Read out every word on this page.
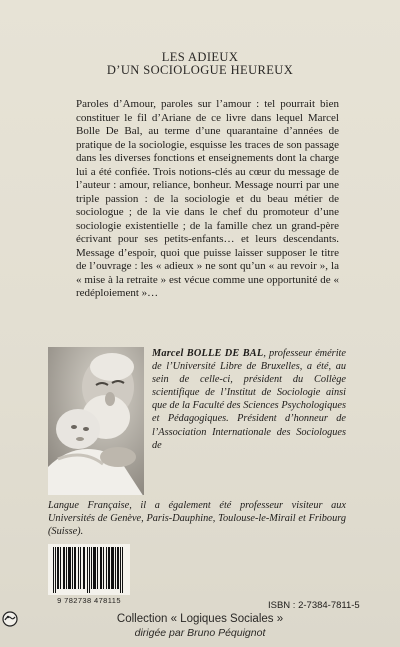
LES ADIEUX
D’UN SOCIOLOGUE HEUREUX

Paroles d’Amour, paroles sur l’amour : tel pourrait bien constituer le fil d’Ariane de ce livre dans lequel Marcel Bolle De Bal, au terme d’une quarantaine d’années de pratique de la sociologie, esquisse les traces de son passage dans les diverses fonctions et enseignements dont la charge lui a été confiée. Trois notions-clés au cœur du message de l’auteur : amour, reliance, bonheur. Message nourri par une triple passion : de la sociologie et du beau métier de sociologue ; de la vie dans le chef du promoteur d’une sociologie existentielle ; de la famille chez un grand-père écrivant pour ses petits-enfants… et leurs descendants. Message d’espoir, quoi que puisse laisser supposer le titre de l’ouvrage : les « adieux » ne sont qu’un « au revoir », la « mise à la retraite » est vécue comme une opportunité de « redéploiement »…

Marcel BOLLE DE BAL, professeur émérite de l’Université Libre de Bruxelles, a été, au sein de celle-ci, président du Collège scientifique de l’Institut de Sociologie ainsi que de la Faculté des Sciences Psychologiques et Pédagogiques. Président d’honneur de l’Association Internationale des Sociologues de
Langue Française, il a également été professeur visiteur aux Universités de Genève, Paris-Dauphine, Toulouse-le-Mirail et Fribourg (Suisse).
9 782738 478115	ISBN : 2-7384-7811-5
Collection « Logiques Sociales »
dirigée par Bruno Péquignot
